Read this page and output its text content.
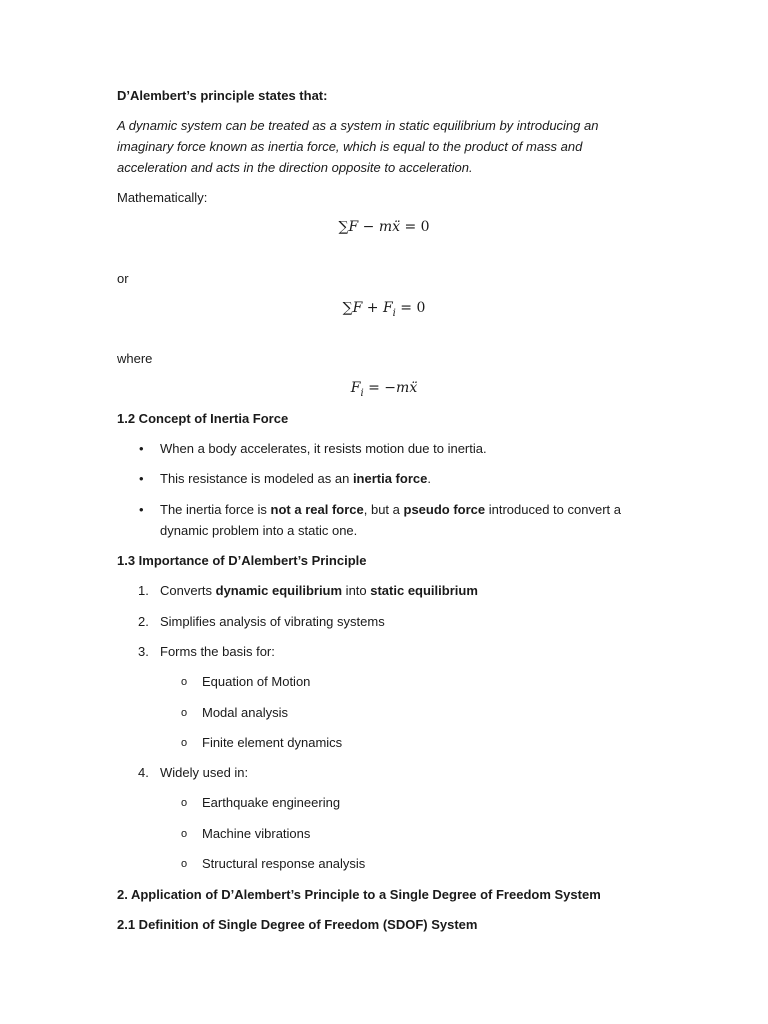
D’Alembert’s principle states that:
A dynamic system can be treated as a system in static equilibrium by introducing an
imaginary force known as inertia force, which is equal to the product of mass and
acceleration and acts in the direction opposite to acceleration.
Mathematically:
∑F − mẍ = 0
or
$\sum F + F_i = 0$
where
$F_i$ = −mẍ
1.2 Concept of Inertia Force
• When a body accelerates, it resists motion due to inertia.
• This resistance is modeled as an inertia force.
• The inertia force is not a real force, but a pseudo force introduced to convert a
dynamic problem into a static one.
1.3 Importance of D’Alembert’s Principle
1. Converts dynamic equilibrium into static equilibrium
2. Simplifies analysis of vibrating systems
3. Forms the basis for:
o Equation of Motion
o Modal analysis
o Finite element dynamics
4. Widely used in:
o Earthquake engineering
o Machine vibrations
o Structural response analysis
2. Application of D’Alembert’s Principle to a Single Degree of Freedom System
2.1 Definition of Single Degree of Freedom (SDOF) System
